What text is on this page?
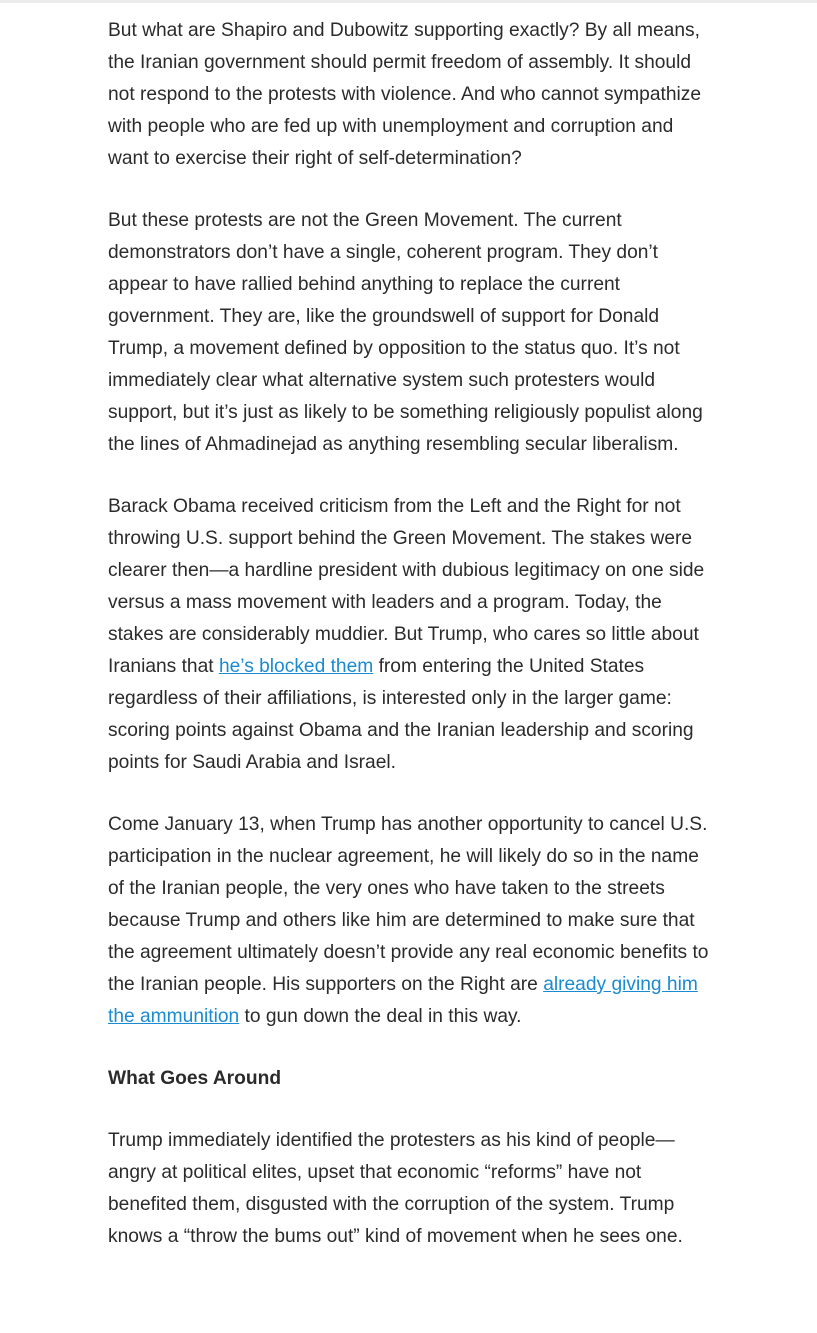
But what are Shapiro and Dubowitz supporting exactly? By all means, the Iranian government should permit freedom of assembly. It should not respond to the protests with violence. And who cannot sympathize with people who are fed up with unemployment and corruption and want to exercise their right of self-determination?

But these protests are not the Green Movement. The current demonstrators don’t have a single, coherent program. They don’t appear to have rallied behind anything to replace the current government. They are, like the groundswell of support for Donald Trump, a movement defined by opposition to the status quo. It’s not immediately clear what alternative system such protesters would support, but it’s just as likely to be something religiously populist along the lines of Ahmadinejad as anything resembling secular liberalism.

Barack Obama received criticism from the Left and the Right for not throwing U.S. support behind the Green Movement. The stakes were clearer then—a hardline president with dubious legitimacy on one side versus a mass movement with leaders and a program. Today, the stakes are considerably muddier. But Trump, who cares so little about Iranians that he’s blocked them from entering the United States regardless of their affiliations, is interested only in the larger game: scoring points against Obama and the Iranian leadership and scoring points for Saudi Arabia and Israel.

Come January 13, when Trump has another opportunity to cancel U.S. participation in the nuclear agreement, he will likely do so in the name of the Iranian people, the very ones who have taken to the streets because Trump and others like him are determined to make sure that the agreement ultimately doesn’t provide any real economic benefits to the Iranian people. His supporters on the Right are already giving him the ammunition to gun down the deal in this way.

What Goes Around

Trump immediately identified the protesters as his kind of people—angry at political elites, upset that economic “reforms” have not benefited them, disgusted with the corruption of the system. Trump knows a “throw the bums out” kind of movement when he sees one.
